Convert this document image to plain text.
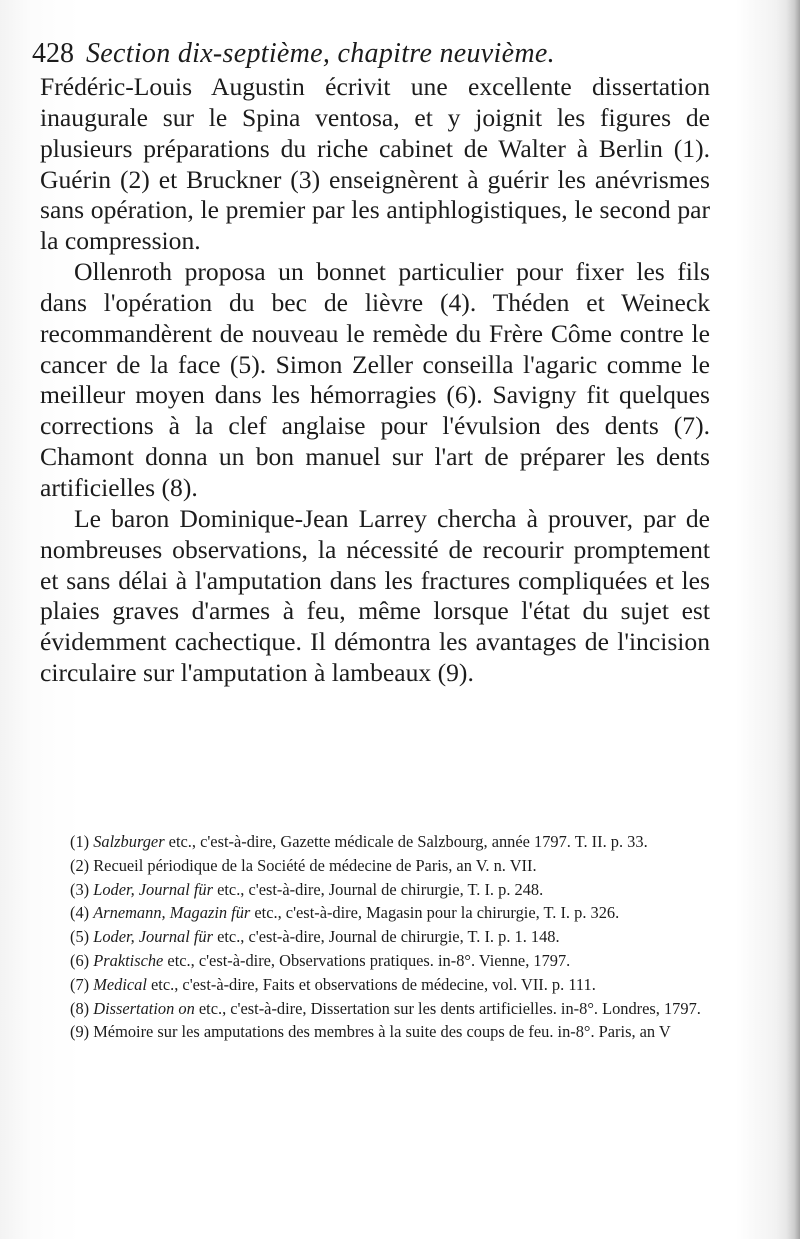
428 Section dix-septième, chapitre neuvième.

Frédéric-Louis Augustin écrivit une excellente dissertation inaugurale sur le Spina ventosa, et y joignit les figures de plusieurs préparations du riche cabinet de Walter à Berlin (1). Guérin (2) et Bruckner (3) enseignèrent à guérir les anévrismes sans opération, le premier par les antiphlogistiques, le second par la compression.

Ollenroth proposa un bonnet particulier pour fixer les fils dans l'opération du bec de lièvre (4). Théden et Weineck recommandèrent de nouveau le remède du Frère Côme contre le cancer de la face (5). Simon Zeller conseilla l'agaric comme le meilleur moyen dans les hémorragies (6). Savigny fit quelques corrections à la clef anglaise pour l'évulsion des dents (7). Chamont donna un bon manuel sur l'art de préparer les dents artificielles (8).

Le baron Dominique-Jean Larrey chercha à prouver, par de nombreuses observations, la nécessité de recourir promptement et sans délai à l'amputation dans les fractures compliquées et les plaies graves d'armes à feu, même lorsque l'état du sujet est évidemment cachectique. Il démontra les avantages de l'incision circulaire sur l'amputation à lambeaux (9).

(1) Salzburger etc., c'est-à-dire, Gazette médicale de Salzbourg, année 1797. T. II. p. 33.

(2) Recueil périodique de la Société de médecine de Paris, an V. n. VII.

(3) Loder, Journal für etc., c'est-à-dire, Journal de chirurgie, T. I. p. 248.

(4) Arnemann, Magazin für etc., c'est-à-dire, Magasin pour la chirurgie, T. I. p. 326.

(5) Loder, Journal für etc., c'est-à-dire, Journal de chirurgie, T. I. p. 1. 148.

(6) Praktische etc., c'est-à-dire, Observations pratiques. in-8°. Vienne, 1797.

(7) Medical etc., c'est-à-dire, Faits et observations de médecine, vol. VII. p. 111.

(8) Dissertation on etc., c'est-à-dire, Dissertation sur les dents artificielles. in-8°. Londres, 1797.

(9) Mémoire sur les amputations des membres à la suite des coups de feu. in-8°. Paris, an V
